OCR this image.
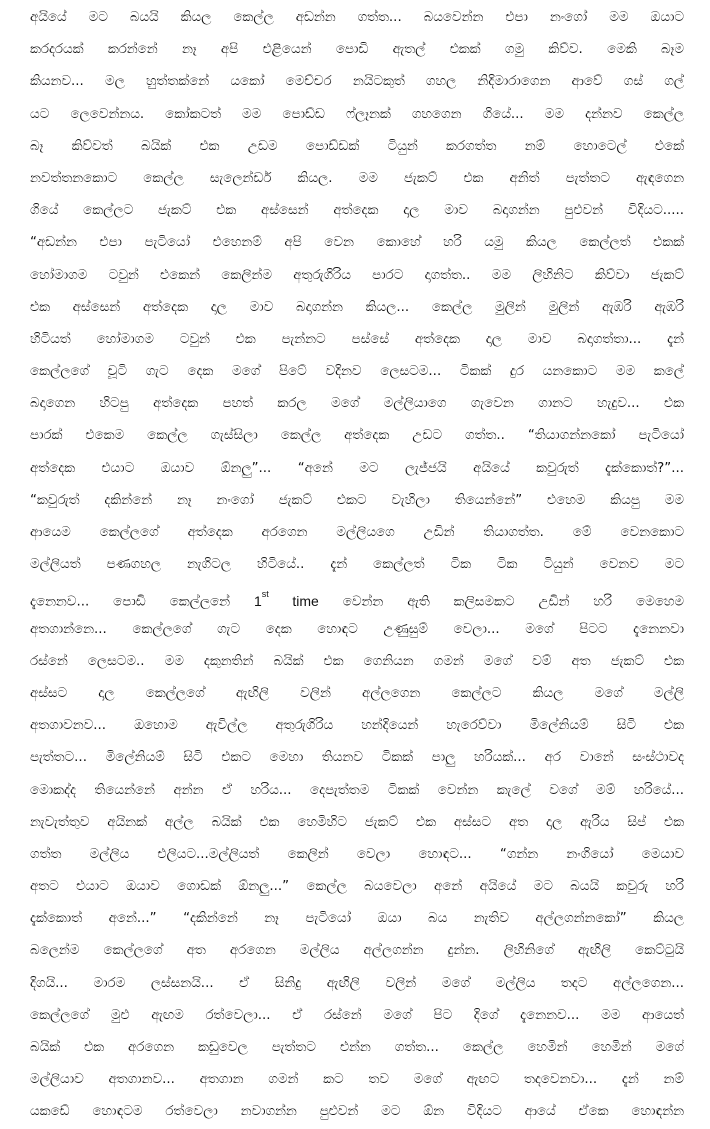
අයියේ මට බයයි කියල කෙල්ල අඩන්න ගත්ත... බයවෙන්න එපා නංගෝ මම ඔයාට
කරදරයක් කරන්නේ නෑ අපි එළියෙන් පොඩි ඇතල් එකක් ගමු කිව්ව. මෙකි බෑම
කියනව... මල හුත්තක්නේ යකෝ මෙච්චර නයිටකුත් ගහල නිදිමාරාගෙන ආවේ ගස් ගල්
යට ලෙවෙන්නය. කෝකටත් මම පොඩ්ඩ ෆ්ලෑනක් ගහගෙන ගියේ... මම දන්නව කෙල්ල
බෑ කිව්වත් බයික් එක උඩම පොඩ්ඩක් ටියුන් කරගත්ත නම් හොටෙල් එකේ
නවත්තනකොට කෙල්ල සැලෙන්ඩර් කියල. මම ජැකට් එක අනිත් පැත්තට ඇඳගෙන
ගියේ කෙල්ලට ජැකට් එක අස්සෙන් අත්දෙක දාල මාව බදාගන්න පුළුවන් විදියට.....
“අඩන්න එපා පැටියෝ එහෙනම් අපි වෙන කොහේ හරි යමු කියල කෙල්ලත් එකක්
හෝමාගම ටවුන් එකෙන් කෙලින්ම අතුරුගිරිය පාරට දාගත්ත.. මම ලිහිනිට කිව්වා ජැකට්
එක අස්සෙන් අත්දෙක දාල මාව බදාගන්න කියල... කෙල්ල මුලින් මුලින් ඇඹරි ඇඹරි
හිටියත් හෝමාගම ටවුන් එක පැන්නට පස්සේ අත්දෙක දාල මාව බදාගත්තා... දැන්
කෙල්ලගේ චූටි ගැට දෙක මගේ පිටේ වදිනව ලෙසටම... ටිකක් දුර යනකොට මම කලේ
බදාගෙන හිටපු අත්දෙක පහත් කරල මගේ මල්ලියාගෙ ගැවෙන ගානට හැදුව... එක
පාරක් එකෙම කෙල්ල ගැස්සිලා කෙල්ල අත්දෙක උඩට ගත්ත.. “තියාගන්නකෝ පැටියෝ
අත්දෙක එයාට ඔයාව ඕනලු”... “අනේ මට ලැජ්ජයි අයියේ කවුරුත් දැක්කොත්?”...
“කවුරුත් දකින්නේ නෑ නංගෝ ජැකට් එකට වැහිලා තියෙන්නේ” එහෙම කියපු මම
ආයෙම කෙල්ලගේ අත්දෙක අරගෙන මල්ලියගෙ උඩින් තියාගත්ත. මේ වෙනකොට
මල්ලියත් පණගහල නැගිටල හිටියේ.. දැන් කෙල්ලත් ටික ටික ටියුන් වෙනව මට
දැනෙනව... පොඩි කෙල්ලනේ 1st time වෙන්න ඇති කලිසමකට උඩින් හරි මෙහෙම
අතගාන්නෙ... කෙල්ලගේ ගැට දෙක හොඳට උණුසුම් වෙලා... මගේ පිටට දැනෙනවා
රස්නේ ලෙසටම.. මම දකුනතින් බයික් එක ගෙනියන ගමන් මගේ වම් අත ජැකට් එක
අස්සට දාල කෙල්ලගේ ඇඟිලි වලින් අල්ලගෙන කෙල්ලට කියල මගේ මල්ලි
අතගාවනව... ඔහොම ඇවිල්ල අතුරුගිරිය හන්දියෙන් හැරෙව්වා මිලේනියම් සිටි එක
පැත්තට... මිලේනියම් සිටි එකට මෙහා තියනව ටිකක් පාලු හරියක්... අර වානේ සංස්ථාවද
මොකද්ද තියෙන්නේ අන්න ඒ හරිය... දෙපැත්තම ටිකක් වෙන්න කැලේ වගේ මම් හරියේ...
නැවැත්තුව අයිනක් අල්ල බයික් එක හෙමිහිට ජැකට් එක අස්සට අත දාල ඇරිය සිප් එක
ගත්ත මල්ලිය එලියට...මල්ලියත් කෙලින් වෙලා හොඳට... “ගන්න නංගියෝ මෙයාව
අතට එයාට ඔයාව ගොඩක් ඕනලු...” කෙල්ල බයවෙලා අනේ අයියේ මට බයයි කවුරු හරි
දැක්කොත් අනේ...” “දකින්නේ නෑ පැටියෝ ඔයා බය නැතිව අල්ලගන්නකෝ” කියල
බලෙන්ම කෙල්ලගේ අත අරගෙන මල්ලිය අල්ලගන්න දුන්න. ලිහිනිගේ ඇඟිලි කෙට්ටුයි
දිගයි... මාරම ලස්සනයි... ඒ සිනිදු ඇඟිලි වලින් මගේ මල්ලිය තදට අල්ලගෙන...
කෙල්ලගේ මුළු ඇඟම රත්වෙලා... ඒ රස්නේ මගේ පිට දිගේ දැනෙනව... මම ආයෙත්
බයික් එක අරගෙන කඩුවෙල පැත්තට එන්න ගත්ත... කෙල්ල හෙමින් හෙමින් මගේ
මල්ලියාව අතගානව... අතගාන ගමන් කට තව මගේ ඇඟට තදවෙනවා... දැන් නම්
යකඩේ හොඳටම රත්වෙලා නවාගන්න පුළුවන් මට ඕන විදියට ආයේ ඒකෙ හොඳන්න
